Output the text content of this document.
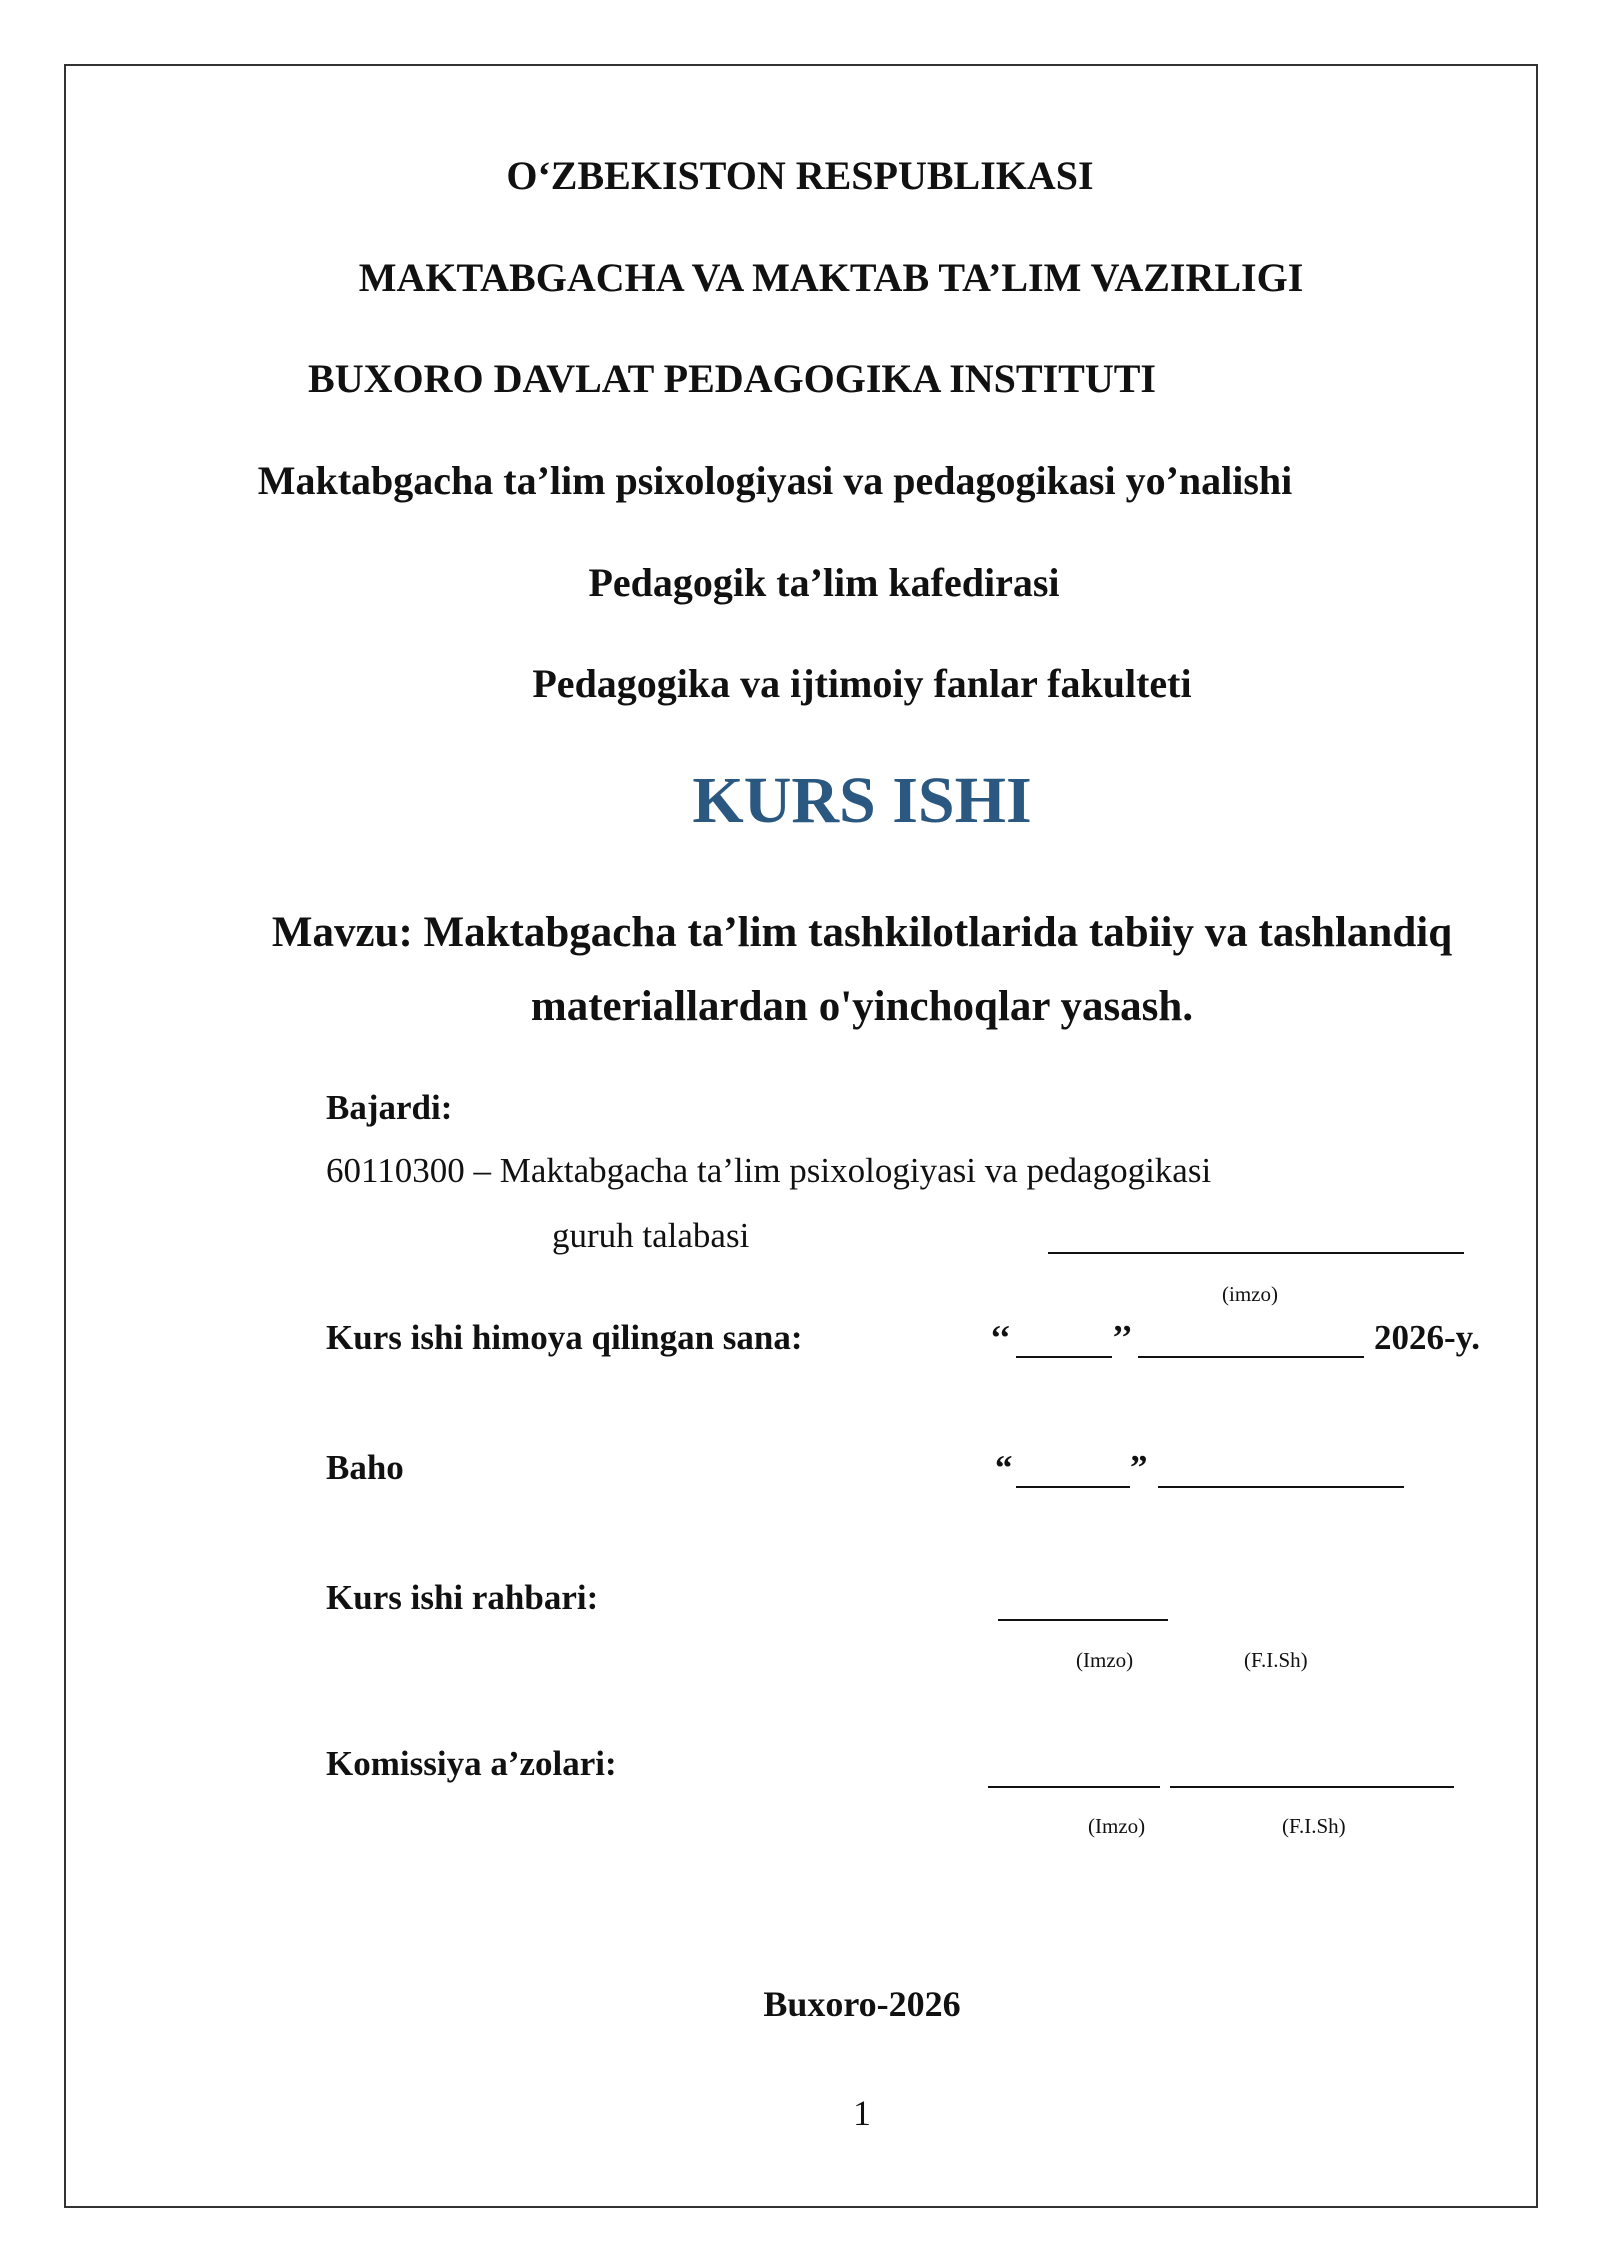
O‘ZBEKISTON RESPUBLIKASI
MAKTABGACHA VA MAKTAB TA’LIM VAZIRLIGI
BUXORO DAVLAT PEDAGOGIKA INSTITUTI
Maktabgacha ta’lim psixologiyasi va pedagogikasi yo’nalishi
Pedagogik ta’lim kafedirasi
Pedagogika va ijtimoiy fanlar fakulteti
KURS ISHI
Mavzu: Maktabgacha ta’lim tashkilotlarida tabiiy va tashlandiq
materiallardan o'yinchoqlar yasash.
Bajardi:
60110300 – Maktabgacha ta’lim psixologiyasi va pedagogikasi
guruh talabasi
(imzo)
Kurs ishi himoya qilingan sana:	‘‘	’’	2026-y.
Baho	“	”
Kurs ishi rahbari:
(Imzo)	(F.I.Sh)
Komissiya a’zolari:
(Imzo)	(F.I.Sh)
Buxoro-2026
1
